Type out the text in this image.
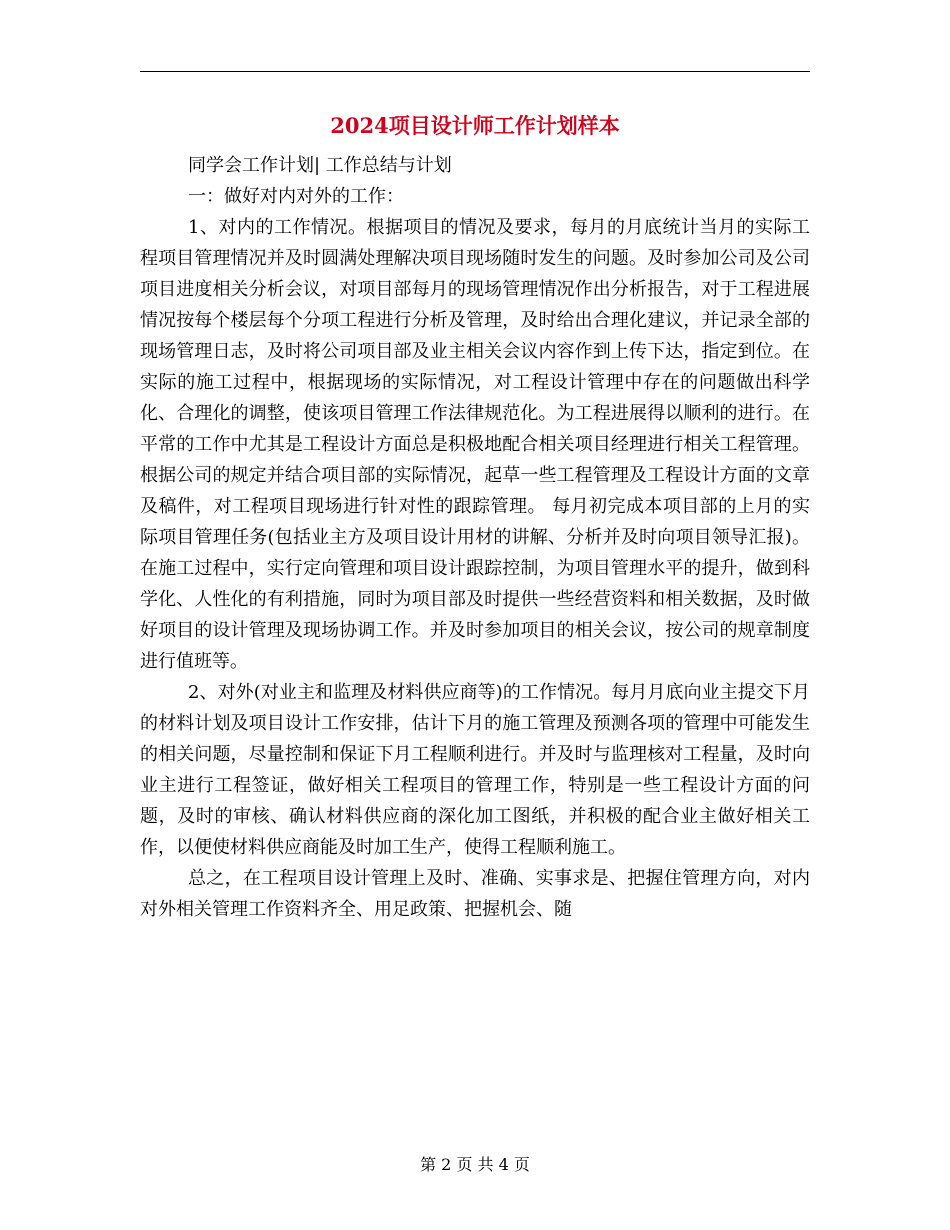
2024项目设计师工作计划样本

同学会工作计划| 工作总结与计划

一：做好对内对外的工作：

1、对内的工作情况。根据项目的情况及要求，每月的月底统计当月的实际工程项目管理情况并及时圆满处理解决项目现场随时发生的问题。及时参加公司及公司项目进度相关分析会议，对项目部每月的现场管理情况作出分析报告，对于工程进展情况按每个楼层每个分项工程进行分析及管理，及时给出合理化建议，并记录全部的现场管理日志，及时将公司项目部及业主相关会议内容作到上传下达，指定到位。在实际的施工过程中，根据现场的实际情况，对工程设计管理中存在的问题做出科学化、合理化的调整，使该项目管理工作法律规范化。为工程进展得以顺利的进行。在平常的工作中尤其是工程设计方面总是积极地配合相关项目经理进行相关工程管理。根据公司的规定并结合项目部的实际情况，起草一些工程管理及工程设计方面的文章及稿件，对工程项目现场进行针对性的跟踪管理。 每月初完成本项目部的上月的实际项目管理任务(包括业主方及项目设计用材的讲解、分析并及时向项目领导汇报)。在施工过程中，实行定向管理和项目设计跟踪控制，为项目管理水平的提升，做到科学化、人性化的有利措施，同时为项目部及时提供一些经营资料和相关数据，及时做好项目的设计管理及现场协调工作。并及时参加项目的相关会议，按公司的规章制度进行值班等。

2、对外(对业主和监理及材料供应商等)的工作情况。每月月底向业主提交下月的材料计划及项目设计工作安排，估计下月的施工管理及预测各项的管理中可能发生的相关问题，尽量控制和保证下月工程顺利进行。并及时与监理核对工程量，及时向业主进行工程签证，做好相关工程项目的管理工作，特别是一些工程设计方面的问题，及时的审核、确认材料供应商的深化加工图纸，并积极的配合业主做好相关工作，以便使材料供应商能及时加工生产，使得工程顺利施工。

总之，在工程项目设计管理上及时、准确、实事求是、把握住管理方向，对内对外相关管理工作资料齐全、用足政策、把握机会、随

第 2 页 共 4 页
